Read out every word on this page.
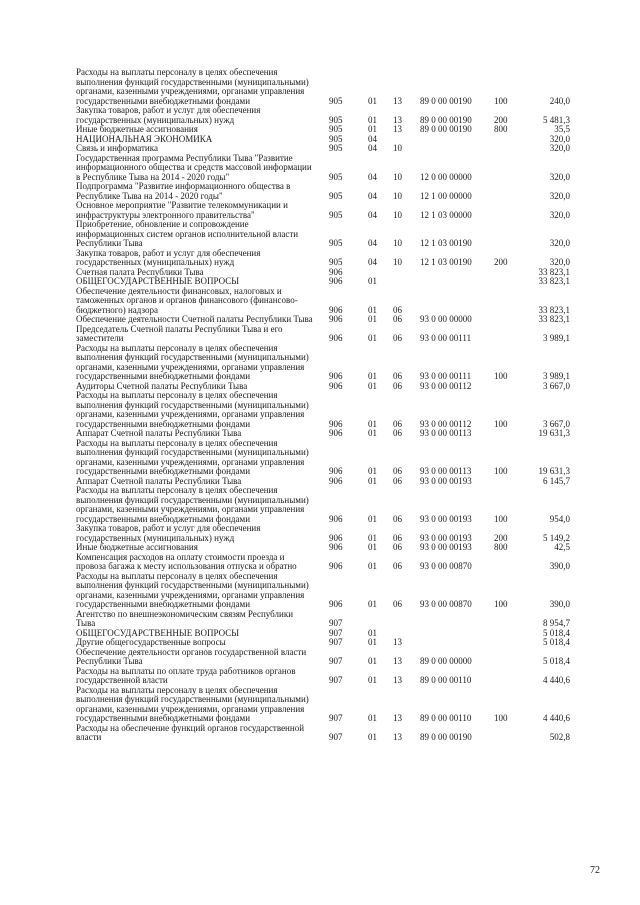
Расходы на выплаты персоналу в целях обеспечения
выполнения функций государственными (муниципальными)
органами, казенными учреждениями, органами управления
государственными внебюджетными фондами	905	01 13 89 0 00 00190 100	240,0
Закупка товаров, работ и услуг для обеспечения
государственных (муниципальных) нужд	905	01 13 89 0 00 00190 200	5 481,3
Иные бюджетные ассигнования	905	01 13 89 0 00 00190 800	35,5
НАЦИОНАЛЬНАЯ ЭКОНОМИКА	905	04	320,0
Связь и информатика	905	04 10	320,0
Государственная программа Республики Тыва "Развитие
информационного общества и средств массовой информации
в Республике Тыва на 2014 - 2020 годы"	905	04 10 12 0 00 00000	320,0
Подпрограмма "Развитие информационного общества в
Республике Тыва на 2014 - 2020 годы"	905	04 10 12 1 00 00000	320,0
Основное мероприятие "Развитие телекоммуникации и
инфраструктуры электронного правительства"	905	04 10 12 1 03 00000	320,0
Приобретение, обновление и сопровождение
информационных систем органов исполнительной власти
Республики Тыва	905	04 10 12 1 03 00190	320,0
Закупка товаров, работ и услуг для обеспечения
государственных (муниципальных) нужд	905	04 10 12 1 03 00190 200	320,0
Счетная палата Республики Тыва	906	33 823,1
ОБЩЕГОСУДАРСТВЕННЫЕ ВОПРОСЫ	906	01	33 823,1
Обеспечение деятельности финансовых, налоговых и
таможенных органов и органов финансового (финансово-
бюджетного) надзора	906	01 06	33 823,1
Обеспечение деятельности Счетной палаты Республики Тыва	906	01 06 93 0 00 00000	33 823,1
Председатель Счетной палаты Республики Тыва и его
заместители	906	01 06 93 0 00 00111	3 989,1
Расходы на выплаты персоналу в целях обеспечения
выполнения функций государственными (муниципальными)
органами, казенными учреждениями, органами управления
государственными внебюджетными фондами	906	01 06 93 0 00 00111	100	3 989,1
Аудиторы Счетной палаты Республики Тыва	906	01 06 93 0 00 00112	3 667,0
Расходы на выплаты персоналу в целях обеспечения
выполнения функций государственными (муниципальными)
органами, казенными учреждениями, органами управления
государственными внебюджетными фондами	906	01 06 93 0 00 00112	100	3 667,0
Аппарат Счетной палаты Республики Тыва	906	01 06 93 0 00 00113	19 631,3
Расходы на выплаты персоналу в целях обеспечения
выполнения функций государственными (муниципальными)
органами, казенными учреждениями, органами управления
государственными внебюджетными фондами	906	01 06 93 0 00 00113	100	19 631,3
Аппарат Счетной палаты Республики Тыва	906	01 06 93 0 00 00193	6 145,7
Расходы на выплаты персоналу в целях обеспечения
выполнения функций государственными (муниципальными)
органами, казенными учреждениями, органами управления
государственными внебюджетными фондами	906	01 06 93 0 00 00193 100	954,0
Закупка товаров, работ и услуг для обеспечения
государственных (муниципальных) нужд	906	01 06 93 0 00 00193 200	5 149,2
Иные бюджетные ассигнования	906	01 06 93 0 00 00193 800	42,5
Компенсация расходов на оплату стоимости проезда и
провоза багажа к месту использования отпуска и обратно	906	01 06 93 0 00 00870	390,0
Расходы на выплаты персоналу в целях обеспечения
выполнения функций государственными (муниципальными)
органами, казенными учреждениями, органами управления
государственными внебюджетными фондами	906	01 06 93 0 00 00870 100	390,0
Агентство по внешнеэкономическим связям Республики
Тыва	907	8 954,7
ОБЩЕГОСУДАРСТВЕННЫЕ ВОПРОСЫ	907	01	5 018,4
Другие общегосударственные вопросы	907	01 13	5 018,4
Обеспечение деятельности органов государственной власти
Республики Тыва	907	01 13 89 0 00 00000	5 018,4
Расходы на выплаты по оплате труда работников органов
государственной власти	907	01 13 89 0 00 00110	4 440,6
Расходы на выплаты персоналу в целях обеспечения
выполнения функций государственными (муниципальными)
органами, казенными учреждениями, органами управления
государственными внебюджетными фондами	907	01 13 89 0 00 00110	100	4 440,6
Расходы на обеспечение функций органов государственной
власти	907	01 13 89 0 00 00190	502,8
72
